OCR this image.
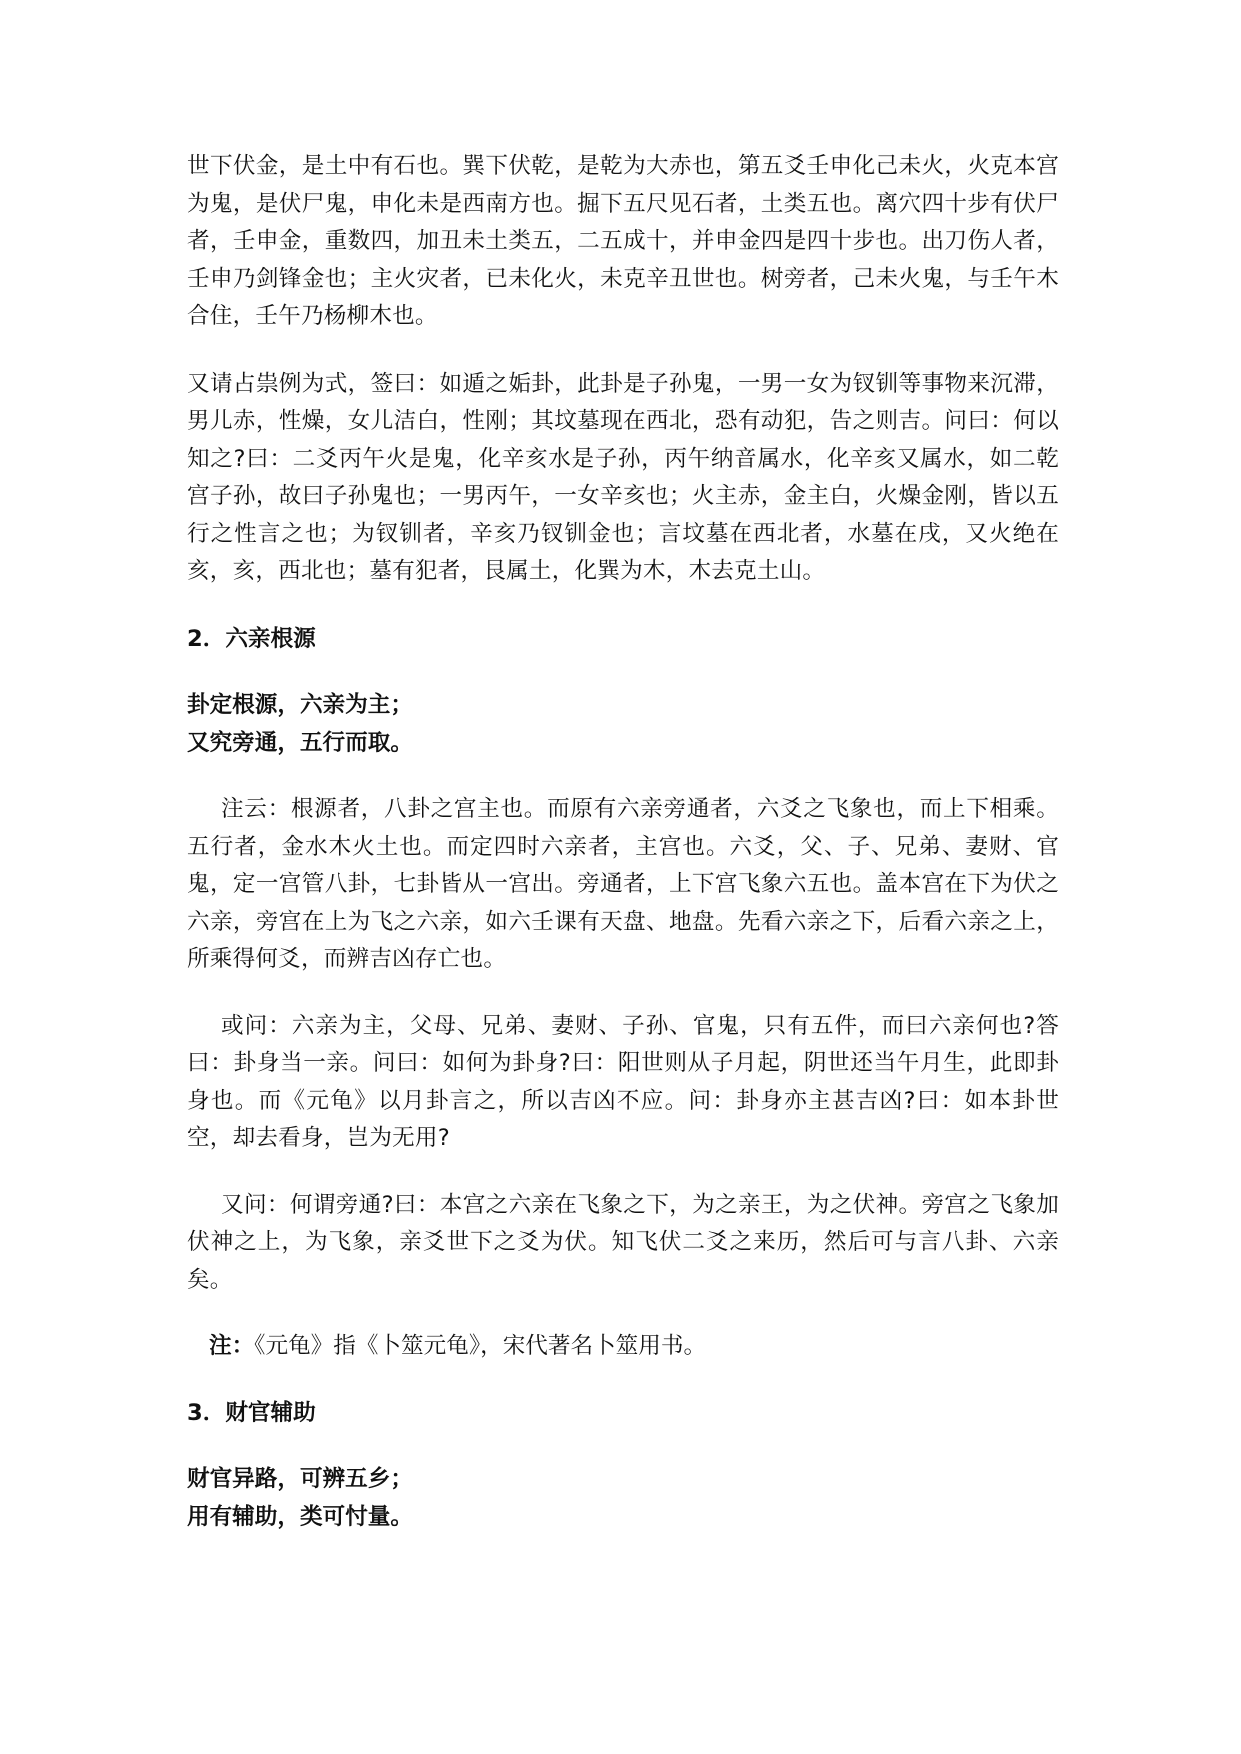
世下伏金，是土中有石也。巽下伏乾，是乾为大赤也，第五爻壬申化己未火，火克本宫为鬼，是伏尸鬼，申化未是西南方也。掘下五尺见石者，土类五也。离穴四十步有伏尸者，壬申金，重数四，加丑未土类五，二五成十，并申金四是四十步也。出刀伤人者，壬申乃剑锋金也；主火灾者，已未化火，未克辛丑世也。树旁者，己未火鬼，与壬午木合住，壬午乃杨柳木也。

又请占祟例为式，签曰：如遁之姤卦，此卦是子孙鬼，一男一女为钗钏等事物来沉滞，男儿赤，性燥，女儿洁白，性刚；其坟墓现在西北，恐有动犯，告之则吉。问曰：何以知之?曰：二爻丙午火是鬼，化辛亥水是子孙，丙午纳音属水，化辛亥又属水，如二乾宫子孙，故曰子孙鬼也；一男丙午，一女辛亥也；火主赤，金主白，火燥金刚，皆以五行之性言之也；为钗钏者，辛亥乃钗钏金也；言坟墓在西北者，水墓在戌，又火绝在亥，亥，西北也；墓有犯者，艮属土，化巽为木，木去克土山。

2．六亲根源

卦定根源，六亲为主；

又究旁通，五行而取。

注云：根源者，八卦之宫主也。而原有六亲旁通者，六爻之飞象也，而上下相乘。五行者，金水木火土也。而定四时六亲者，主宫也。六爻，父、子、兄弟、妻财、官鬼，定一宫管八卦，七卦皆从一宫出。旁通者，上下宫飞象六五也。盖本宫在下为伏之六亲，旁宫在上为飞之六亲，如六壬课有天盘、地盘。先看六亲之下，后看六亲之上，所乘得何爻，而辨吉凶存亡也。

或问：六亲为主，父母、兄弟、妻财、子孙、官鬼，只有五件，而曰六亲何也?答曰：卦身当一亲。问曰：如何为卦身?曰：阳世则从子月起，阴世还当午月生，此即卦身也。而《元龟》以月卦言之，所以吉凶不应。问：卦身亦主甚吉凶?曰：如本卦世空，却去看身，岂为无用?

又问：何谓旁通?曰：本宫之六亲在飞象之下，为之亲王，为之伏神。旁宫之飞象加伏神之上，为飞象，亲爻世下之爻为伏。知飞伏二爻之来历，然后可与言八卦、六亲矣。

注：《元龟》指《卜筮元龟》，宋代著名卜筮用书。

3．财官辅助

财官异路，可辨五乡；

用有辅助，类可忖量。
